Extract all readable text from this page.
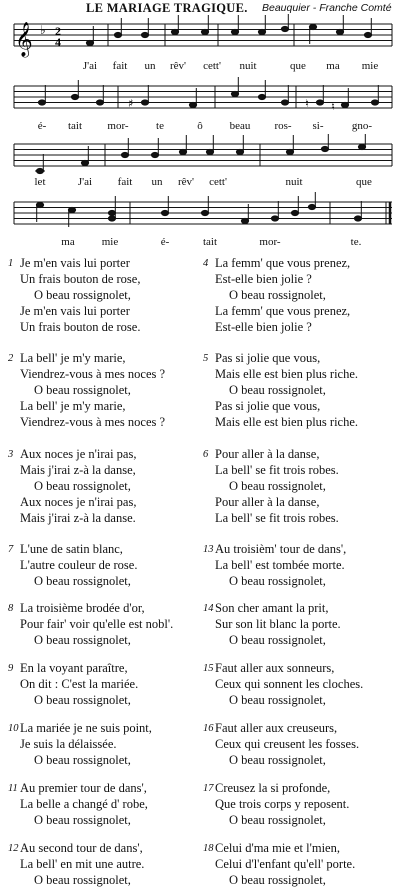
LE MARIAGE TRAGIQUE. Beauquier - Franche Comté
𝄞 ♭ 2
4
J'ai fait un rêv' cett' nuit	que ma mie
♯	♮ ♮
é- tait mor- te	ô beau ros- si-	gno-
let	J'ai fait un rêv' cett'	nuit	que
ma mie	é-	tait	mor-	te.
1 Je m'en vais lui porter
Un frais bouton de rose,
O beau rossignolet,
Je m'en vais lui porter
Un frais bouton de rose.
2 La bell' je m'y marie,
Viendrez-vous à mes noces ?
O beau rossignolet,
La bell' je m'y marie,
Viendrez-vous à mes noces ?
3 Aux noces je n'irai pas,
Mais j'irai z-à la danse,
O beau rossignolet,
Aux noces je n'irai pas,
Mais j'irai z-à la danse.
7 L'une de satin blanc,
L'autre couleur de rose.
O beau rossignolet,
8 La troisième brodée d'or,
Pour fair' voir qu'elle est nobl'.
O beau rossignolet,
9 En la voyant paraître,
On dit : C'est la mariée.
O beau rossignolet,
10 La mariée je ne suis point,
Je suis la délaissée.
O beau rossignolet,
11 Au premier tour de dans',
La belle a changé d' robe,
O beau rossignolet,
12 Au second tour de dans',
La bell' en mit une autre.
O beau rossignolet,
4 La femm' que vous prenez,
Est-elle bien jolie ?
O beau rossignolet,
La femm' que vous prenez,
Est-elle bien jolie ?
5 Pas si jolie que vous,
Mais elle est bien plus riche.
O beau rossignolet,
Pas si jolie que vous,
Mais elle est bien plus riche.
6 Pour aller à la danse,
La bell' se fit trois robes.
O beau rossignolet,
Pour aller à la danse,
La bell' se fit trois robes.
13 Au troisièm' tour de dans',
La bell' est tombée morte.
O beau rossignolet,
14 Son cher amant la prit,
Sur son lit blanc la porte.
O beau rossignolet,
15 Faut aller aux sonneurs,
Ceux qui sonnent les cloches.
O beau rossignolet,
16 Faut aller aux creuseurs,
Ceux qui creusent les fosses.
O beau rossignolet,
17 Creusez la si profonde,
Que trois corps y reposent.
O beau rossignolet,
18 Celui d'ma mie et l'mien,
Celui d'l'enfant qu'ell' porte.
O beau rossignolet,
